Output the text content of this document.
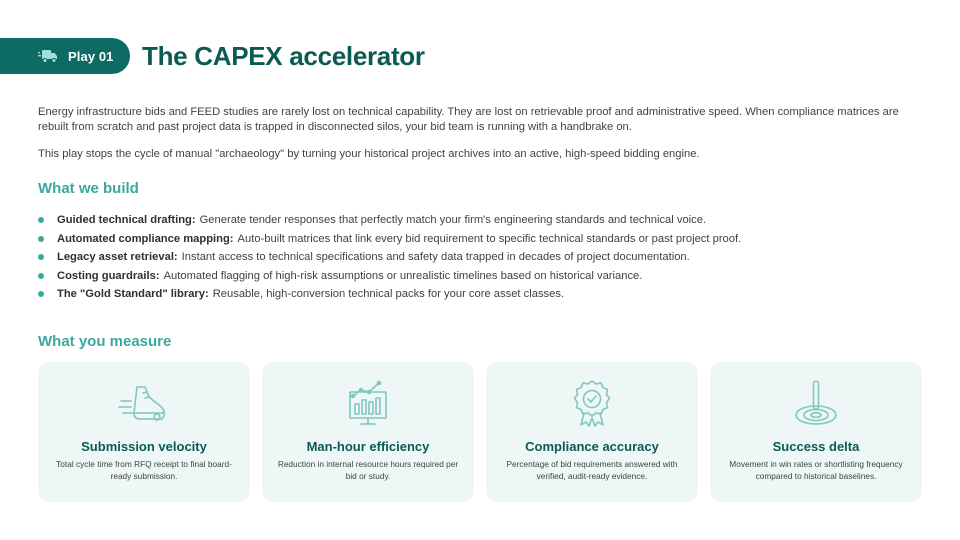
Play 01 The CAPEX accelerator

Energy infrastructure bids and FEED studies are rarely lost on technical capability. They are lost on retrievable proof and administrative speed. When compliance matrices are rebuilt from scratch and past project data is trapped in disconnected silos, your bid team is running with a handbrake on.

This play stops the cycle of manual "archaeology" by turning your historical project archives into an active, high-speed bidding engine.

What we build
Guided technical drafting: Generate tender responses that perfectly match your firm's engineering standards and technical voice.
Automated compliance mapping: Auto-built matrices that link every bid requirement to specific technical standards or past project proof.
Legacy asset retrieval: Instant access to technical specifications and safety data trapped in decades of project documentation.
Costing guardrails: Automated flagging of high-risk assumptions or unrealistic timelines based on historical variance.
The "Gold Standard" library: Reusable, high-conversion technical packs for your core asset classes.
What you measure
Submission velocity
Total cycle time from RFQ receipt to final board-ready submission.
Man-hour efficiency
Reduction in internal resource hours required per bid or study.
Compliance accuracy
Percentage of bid requirements answered with verified, audit-ready evidence.
Success delta
Movement in win rates or shortlisting frequency compared to historical baselines.
